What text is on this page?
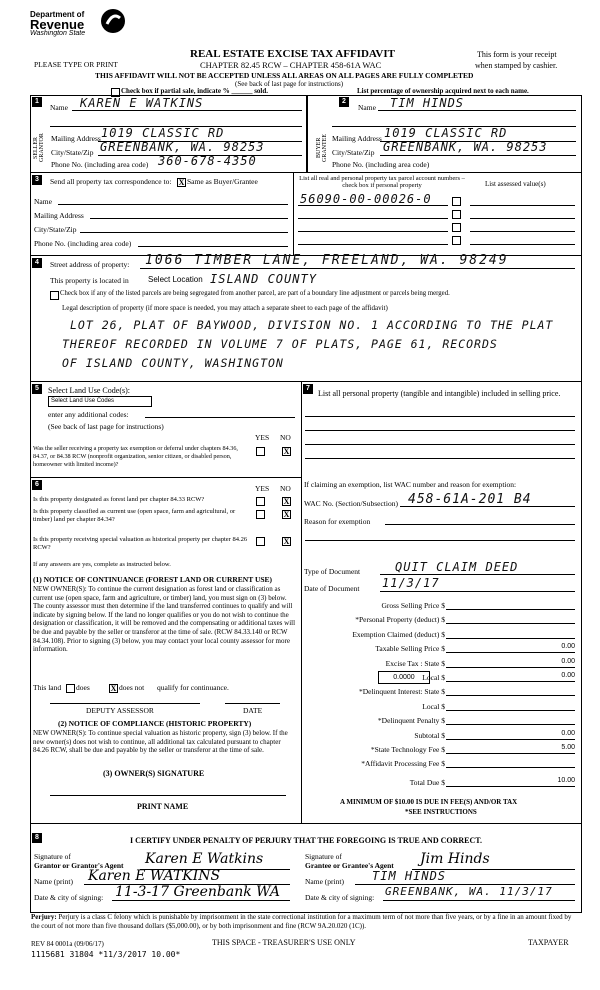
Department of
Revenue
Washington State
PLEASE TYPE OR PRINT
REAL ESTATE EXCISE TAX AFFIDAVIT
CHAPTER 82.45 RCW – CHAPTER 458-61A WAC
This form is your receipt
when stamped by cashier.
THIS AFFIDAVIT WILL NOT BE ACCEPTED UNLESS ALL AREAS ON ALL PAGES ARE FULLY COMPLETED
(See back of last page for instructions)
Check box if partial sale, indicate % ______ sold.	List percentage of ownership acquired next to each name.
1	2
SELLER GRANTOR	BUYER GRANTEE
Name KAREN E WATKINS
Mailing Address 1019 CLASSIC RD
City/State/Zip GREENBANK, WA. 98253
Phone No. (including area code) 360-678-4350
Name TIM HINDS
Mailing Address 1019 CLASSIC RD
City/State/Zip GREENBANK, WA. 98253
Phone No. (including area code)
3	Send all property tax correspondence to: X Same as Buyer/Grantee
Name
Mailing Address
City/State/Zip
Phone No. (including area code)
List all real and personal property tax parcel account numbers – check box if personal property	List assessed value(s)
56090-00-00026-0
4	Street address of property: 1066 TIMBER LANE, FREELAND, WA. 98249
This property is located in Select Location ISLAND COUNTY
Check box if any of the listed parcels are being segregated from another parcel, are part of a boundary line adjustment or parcels being merged.
Legal description of property (if more space is needed, you may attach a separate sheet to each page of the affidavit)
LOT 26, PLAT OF BAYWOOD, DIVISION NO. 1 ACCORDING TO THE PLAT
THEREOF RECORDED IN VOLUME 7 OF PLATS, PAGE 61, RECORDS
OF ISLAND COUNTY, WASHINGTON
5	Select Land Use Code(s):
Select Land Use Codes
enter any additional codes:
(See back of last page for instructions)
YES NO
Was the seller receiving a property tax exemption or deferral under chapters 84.36, 84.37, or 84.38 RCW (nonprofit organization, senior citizen, or disabled person, homeowner with limited income)?
X
6	YES NO
Is this property designated as forest land per chapter 84.33 RCW?	X
Is this property classified as current use (open space, farm and agricultural, or timber) land per chapter 84.34?
X
Is this property receiving special valuation as historical property per chapter 84.26 RCW?
X
If any answers are yes, complete as instructed below.
(1) NOTICE OF CONTINUANCE (FOREST LAND OR CURRENT USE)
NEW OWNER(S): To continue the current designation as forest land or classification as current use (open space, farm and agriculture, or timber) land, you must sign on (3) below. The county assessor must then determine if the land transferred continues to qualify and will indicate by signing below. If the land no longer qualifies or you do not wish to continue the designation or classification, it will be removed and the compensating or additional taxes will be due and payable by the seller or transferor at the time of sale. (RCW 84.33.140 or RCW 84.34.108). Prior to signing (3) below, you may contact your local county assessor for more information.
This land does	X does not qualify for continuance.
DEPUTY ASSESSOR	DATE
(2) NOTICE OF COMPLIANCE (HISTORIC PROPERTY)
NEW OWNER(S): To continue special valuation as historic property, sign (3) below. If the new owner(s) does not wish to continue, all additional tax calculated pursuant to chapter 84.26 RCW, shall be due and payable by the seller or transferor at the time of sale.
(3) OWNER(S) SIGNATURE
PRINT NAME
7
List all personal property (tangible and intangible) included in selling price.
If claiming an exemption, list WAC number and reason for exemption:
WAC No. (Section/Subsection) 458-61A-201 B4
Reason for exemption
Type of Document	QUIT CLAIM DEED
Date of Document 11/3/17
Gross Selling Price $
*Personal Property (deduct) $
Exemption Claimed (deduct) $
Taxable Selling Price $	0.00
Excise Tax : State $	0.00
Local $	0.00
*Delinquent Interest: State $
Local $
*Delinquent Penalty $
Subtotal $	0.00
*State Technology Fee $	5.00
*Affidavit Processing Fee $
Total Due $	10.00
0.0000
A MINIMUM OF $10.00 IS DUE IN FEE(S) AND/OR TAX
*SEE INSTRUCTIONS
8	I CERTIFY UNDER PENALTY OF PERJURY THAT THE FOREGOING IS TRUE AND CORRECT.
Signature of
Grantor or Grantor's Agent Karen E Watkins
Name (print) Karen E WATKINS
Date & city of signing: 11-3-17 Greenbank WA
Signature of
Grantee or Grantee's Agent Jim Hinds
Name (print) TIM HINDS
Date & city of signing: GREENBANK, WA. 11/3/17
Perjury: Perjury is a class C felony which is punishable by imprisonment in the state correctional institution for a maximum term of not more than five years, or by a fine in an amount fixed by the court of not more than five thousand dollars ($5,000.00), or by both imprisonment and fine (RCW 9A.20.020 (1C)).
REV 84 0001a (09/06/17)	THIS SPACE - TREASURER'S USE ONLY	TAXPAYER
1115681 31804 *11/3/2017 10.00*
